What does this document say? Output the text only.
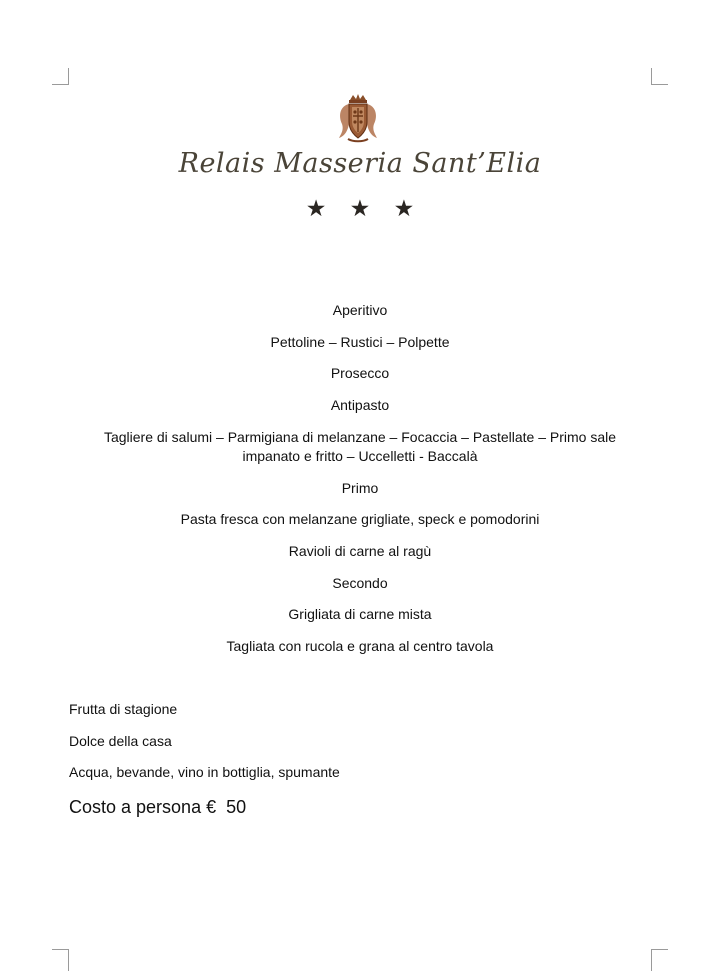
Relais Masseria Sant’Elia
★ ★ ★
Aperitivo
Pettoline – Rustici – Polpette
Prosecco
Antipasto
Tagliere di salumi – Parmigiana di melanzane – Focaccia – Pastellate – Primo sale
impanato e fritto – Uccelletti - Baccalà
Primo
Pasta fresca con melanzane grigliate, speck e pomodorini
Ravioli di carne al ragù
Secondo
Grigliata di carne mista
Tagliata con rucola e grana al centro tavola
Frutta di stagione
Dolce della casa
Acqua, bevande, vino in bottiglia, spumante
Costo a persona €  50
